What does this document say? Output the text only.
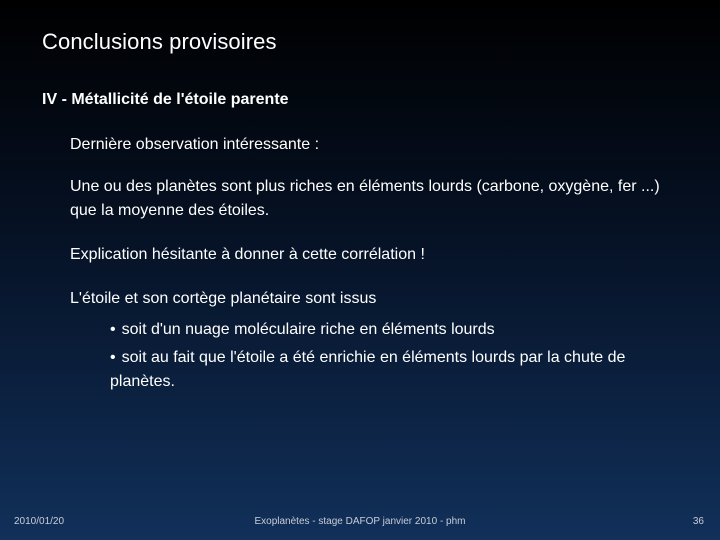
Conclusions provisoires
IV - Métallicité de l'étoile parente

Dernière observation intéressante :

Une ou des planètes sont plus riches en éléments lourds (carbone, oxygène, fer ...) que la moyenne des étoiles.

Explication hésitante à donner à cette corrélation !

L'étoile et son cortège planétaire sont issus

• soit d'un nuage moléculaire riche en éléments lourds
• soit au fait que l'étoile a été enrichie en éléments lourds par la chute de planètes.
2010/01/20	Exoplanètes - stage DAFOP janvier 2010 - phm	36
